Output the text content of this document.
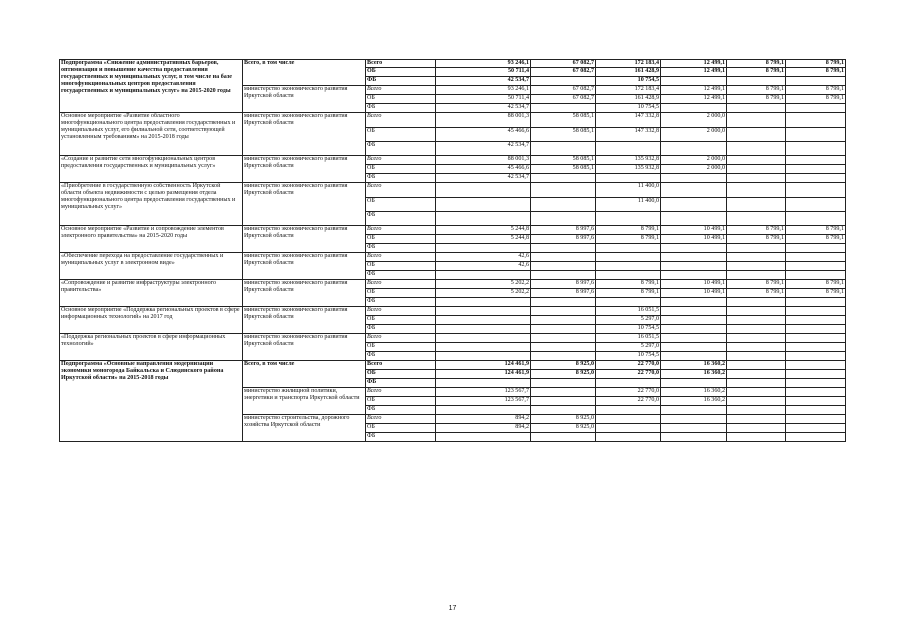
Подпрограмма «Снижение административных барьеров, оптимизация и повышение качества предоставления государственных и муниципальных услуг, в том числе на базе многофункциональных центров предоставления государственных и муниципальных услуг» на 2015-2020 годы	Всего, в том числе	Всего	93 246,1	67 082,7	172 183,4	12 499,1	8 799,1	8 799,1
		ОБ	50 711,4	67 082,7	161 428,9	12 499,1	8 799,1	8 799,1
		ФБ	42 534,7		10 754,5			
	министерство экономического развития Иркутской области	Всего	93 246,1	67 082,7	172 183,4	12 499,1	8 799,1	8 799,1
		ОБ	50 711,4	67 082,7	161 428,9	12 499,1	8 799,1	8 799,1
		ФБ	42 534,7		10 754,5			
Основное мероприятие «Развитие областного многофункционального центра предоставления государственных и муниципальных услуг, его филиальной сети, соответствующей установленным требованиям» на 2015-2018 годы	министерство экономического развития Иркутской области	Всего	88 001,3	58 085,1	147 332,8	2 000,0		
		ОБ	45 466,6	58 085,1	147 332,8	2 000,0		
		ФБ	42 534,7					
«Создание и развитие сети многофункциональных центров предоставления государственных и муниципальных услуг»	министерство экономического развития Иркутской области	Всего	88 001,3	58 085,1	135 932,8	2 000,0		
		ОБ	45 466,6	58 085,1	135 932,8	2 000,0		
		ФБ	42 534,7					
«Приобретение в государственную собственность Иркутской области объекта недвижимости с целью размещения отдела многофункционального центра предоставления государственных и муниципальных услуг»	министерство экономического развития Иркутской области	Всего			11 400,0			
		ОБ			11 400,0			
		ФБ						
Основное мероприятие «Развитие и сопровождение элементов электронного правительства» на 2015-2020 годы	министерство экономического развития Иркутской области	Всего	5 244,8	8 997,6	8 799,1	10 499,1	8 799,1	8 799,1
		ОБ	5 244,8	8 997,6	8 799,1	10 499,1	8 799,1	8 799,1
		ФБ						
«Обеспечение перехода на предоставление государственных и муниципальных услуг в электронном виде»	министерство экономического развития Иркутской области	Всего	42,6					
		ОБ	42,6					
		ФБ						
«Сопровождение и развитие инфраструктуры электронного правительства»	министерство экономического развития Иркутской области	Всего	5 202,2	8 997,6	8 799,1	10 499,1	8 799,1	8 799,1
		ОБ	5 202,2	8 997,6	8 799,1	10 499,1	8 799,1	8 799,1
		ФБ						
Основное мероприятие «Поддержка региональных проектов в сфере информационных технологий» на 2017 год	министерство экономического развития Иркутской области	Всего			16 051,5			
		ОБ			5 297,0			
		ФБ			10 754,5			
«Поддержка региональных проектов в сфере информационных технологий»	министерство экономического развития Иркутской области	Всего			16 051,5			
		ОБ			5 297,0			
		ФБ			10 754,5			
Подпрограмма «Основные направления модернизации экономики моногорода Байкальска и Слюдянского района Иркутской области» на 2015-2018 годы	Всего, в том числе	Всего	124 461,9	8 925,0	22 770,0	16 360,2		
		ОБ	124 461,9	8 925,0	22 770,0	16 360,2		
		ФБ						
	министерство жилищной политики, энергетики и транспорта Иркутской области	Всего	123 567,7		22 770,0	16 360,2		
		ОБ	123 567,7		22 770,0	16 360,2		
		ФБ						
	министерство строительства, дорожного хозяйства Иркутской области	Всего	894,2	8 925,0				
		ОБ	894,2	8 925,0				
		ФБ						
17
